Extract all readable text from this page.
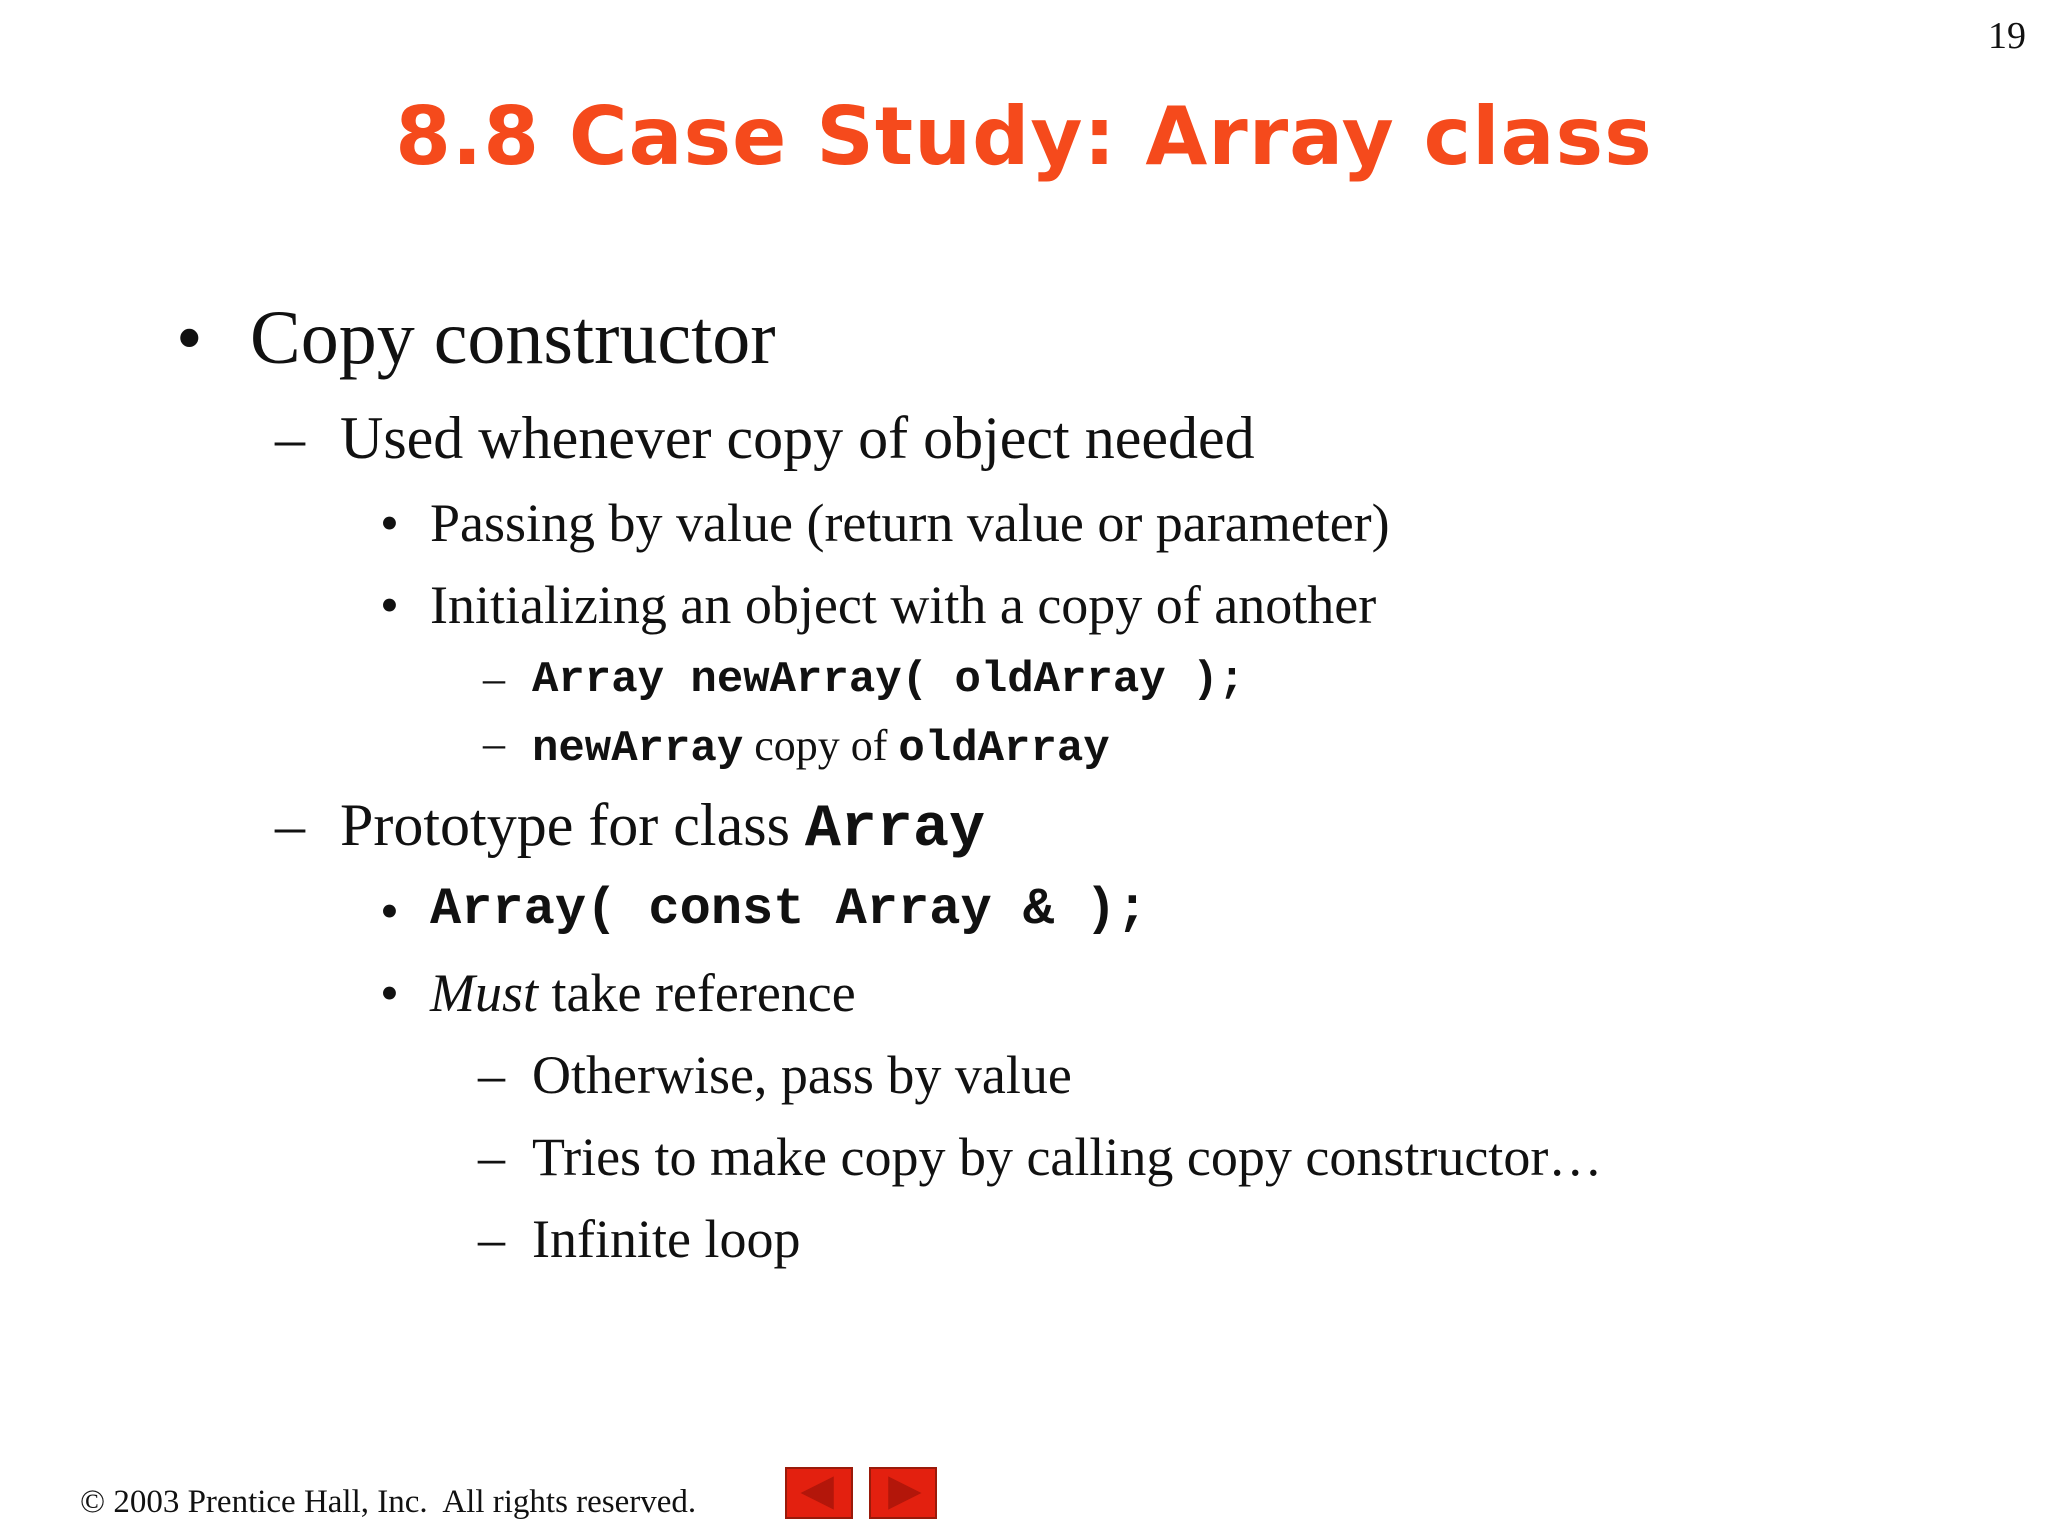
19
8.8 Case Study: Array class
• Copy constructor
– Used whenever copy of object needed
• Passing by value (return value or parameter)
• Initializing an object with a copy of another
– Array newArray( oldArray );
– newArray copy of oldArray
– Prototype for class Array
• Array( const Array & );
• Must take reference
– Otherwise, pass by value
– Tries to make copy by calling copy constructor…
– Infinite loop
© 2003 Prentice Hall, Inc.  All rights reserved.
